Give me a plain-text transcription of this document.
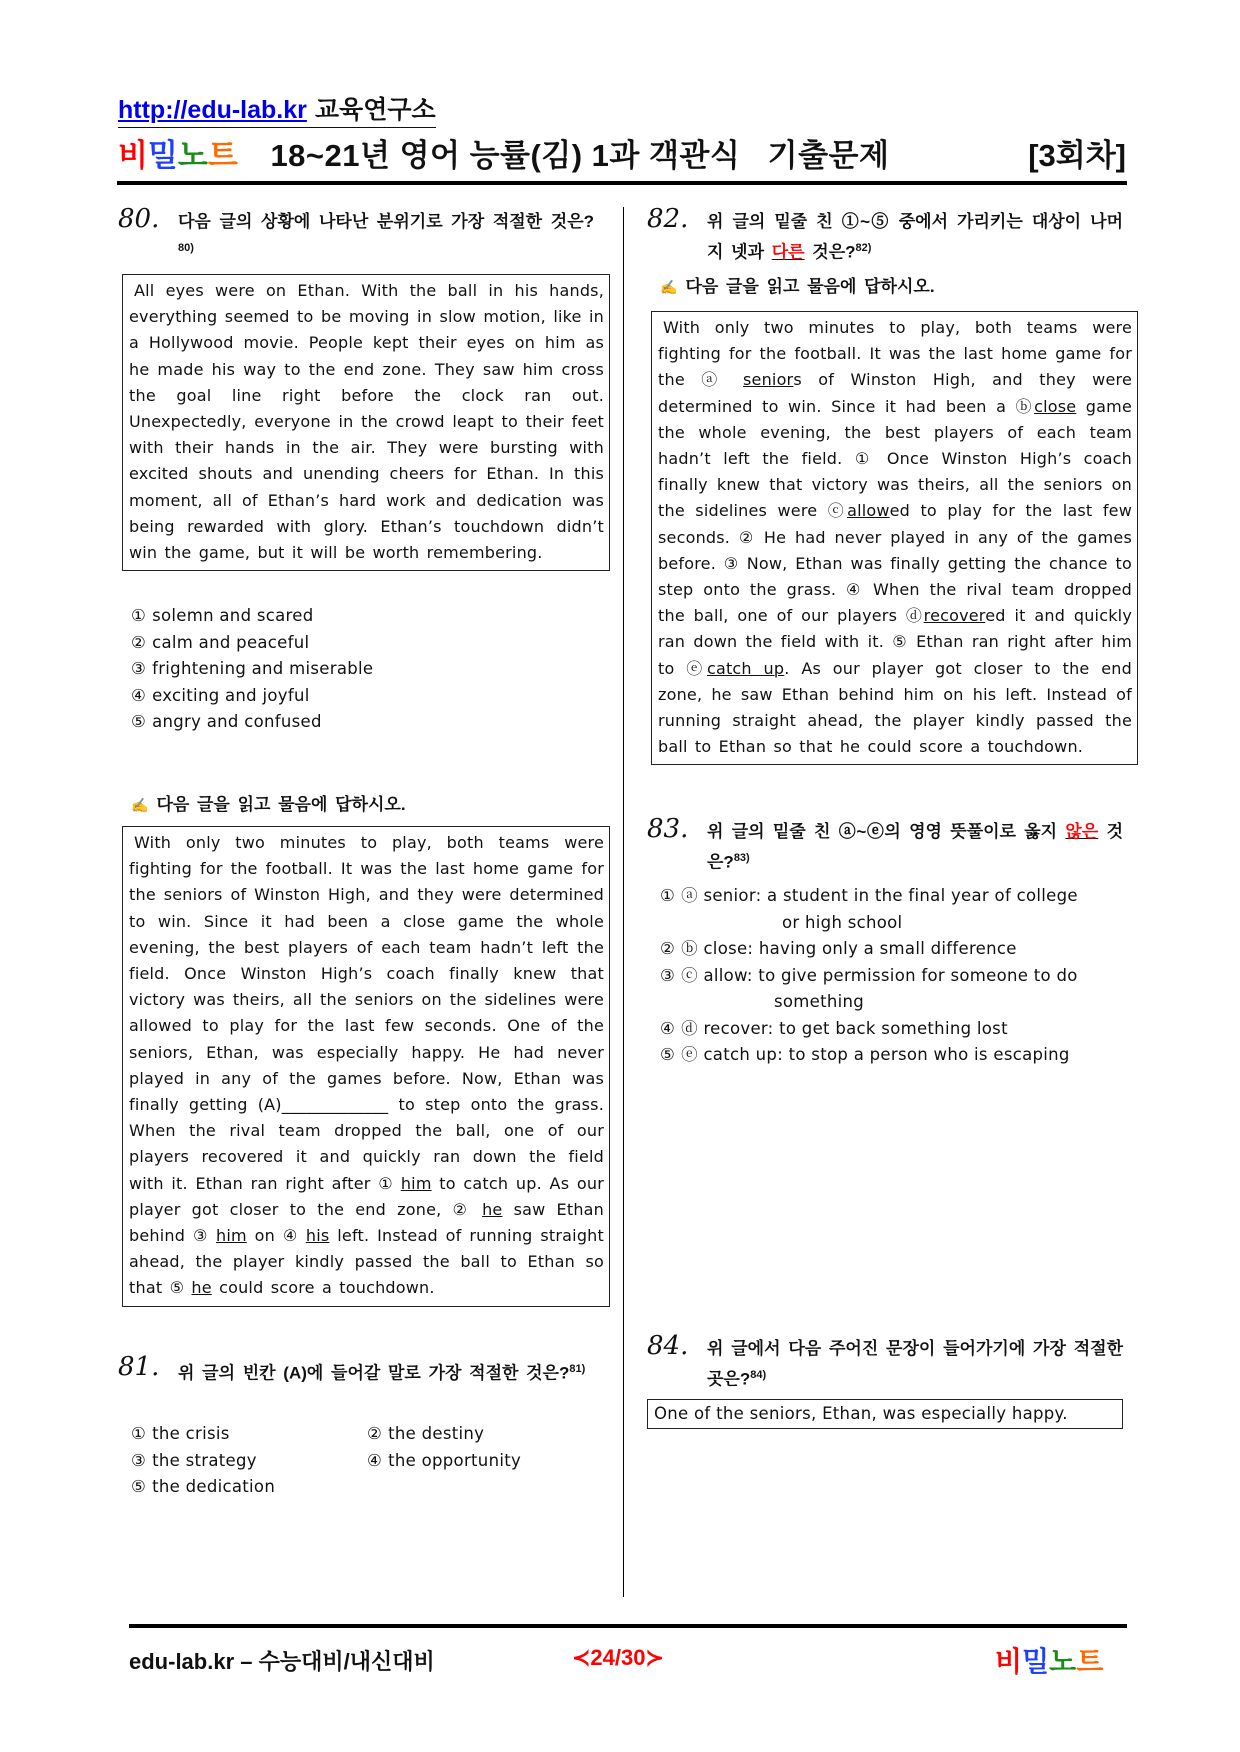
http://edu-lab.kr 교육연구소
비밀노트 18~21년 영어 능률(김) 1과 객관식   기출문제	[3회차]
80. 다음 글의 상황에 나타난 분위기로 가장 적절한 것은?$^{80)}$
All eyes were on Ethan. With the ball in his hands, everything seemed to be moving in slow motion, like in a Hollywood movie. People kept their eyes on him as he made his way to the end zone. They saw him cross the goal line right before the clock ran out. Unexpectedly, everyone in the crowd leapt to their feet with their hands in the air. They were bursting with excited shouts and unending cheers for Ethan. In this moment, all of Ethan’s hard work and dedication was being rewarded with glory. Ethan’s touchdown didn’t win the game, but it will be worth remembering.
① solemn and scared
② calm and peaceful
③ frightening and miserable
④ exciting and joyful
⑤ angry and confused
✍ 다음 글을 읽고 물음에 답하시오.
With only two minutes to play, both teams were fighting for the football. It was the last home game for the seniors of Winston High, and they were determined to win. Since it had been a close game the whole evening, the best players of each team hadn’t left the field. Once Winston High’s coach finally knew that victory was theirs, all the seniors on the sidelines were allowed to play for the last few seconds. One of the seniors, Ethan, was especially happy. He had never played in any of the games before. Now, Ethan was finally getting (A)_____________ to step onto the grass. When the rival team dropped the ball, one of our players recovered it and quickly ran down the field with it. Ethan ran right after ① him to catch up. As our player got closer to the end zone, ② he saw Ethan behind ③ him on ④ his left. Instead of running straight ahead, the player kindly passed the ball to Ethan so that ⑤ he could score a touchdown.
81. 위 글의 빈칸 (A)에 들어갈 말로 가장 적절한 것은?$^{81)}$
① the crisis	② the destiny
③ the strategy	④ the opportunity
⑤ the dedication
82. 위 글의 밑줄 친 ①~⑤ 중에서 가리키는 대상이 나머지 넷과 다른 것은?$^{82)}$
✍ 다음 글을 읽고 물음에 답하시오.
With only two minutes to play, both teams were fighting for the football. It was the last home game for the ⓐ seniors of Winston High, and they were determined to win. Since it had been a ⓑclose game the whole evening, the best players of each team hadn’t left the field. ① Once Winston High’s coach finally knew that victory was theirs, all the seniors on the sidelines were ⓒallowed to play for the last few seconds. ② He had never played in any of the games before. ③ Now, Ethan was finally getting the chance to step onto the grass. ④ When the rival team dropped the ball, one of our players ⓓrecovered it and quickly ran down the field with it. ⑤ Ethan ran right after him to ⓔcatch up. As our player got closer to the end zone, he saw Ethan behind him on his left. Instead of running straight ahead, the player kindly passed the ball to Ethan so that he could score a touchdown.
83. 위 글의 밑줄 친 ⓐ~ⓔ의 영영 뜻풀이로 옳지 않은 것은?$^{83)}$
① ⓐ senior: a student in the final year of college
or high school
② ⓑ close: having only a small difference
③ ⓒ allow: to give permission for someone to do
something
④ ⓓ recover: to get back something lost
⑤ ⓔ catch up: to stop a person who is escaping
84. 위 글에서 다음 주어진 문장이 들어가기에 가장 적절한 곳은?$^{84)}$
One of the seniors, Ethan, was especially happy.
edu-lab.kr – 수능대비/내신대비	≺24/30≻	비밀노트
